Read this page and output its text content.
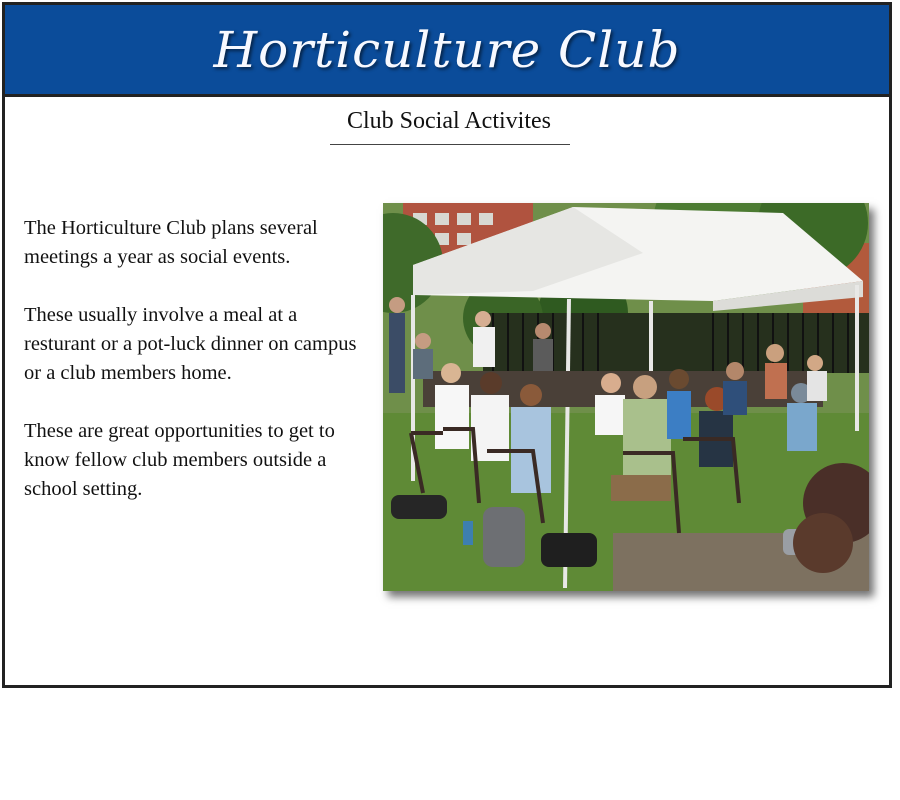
Horticulture Club
Club Social Activites

The Horticulture Club plans several meetings a year as social events.

These usually involve a meal at a resturant or a pot-luck dinner on campus or a club members home.

These are great opportunities to get to know fellow club members outside a school setting.
